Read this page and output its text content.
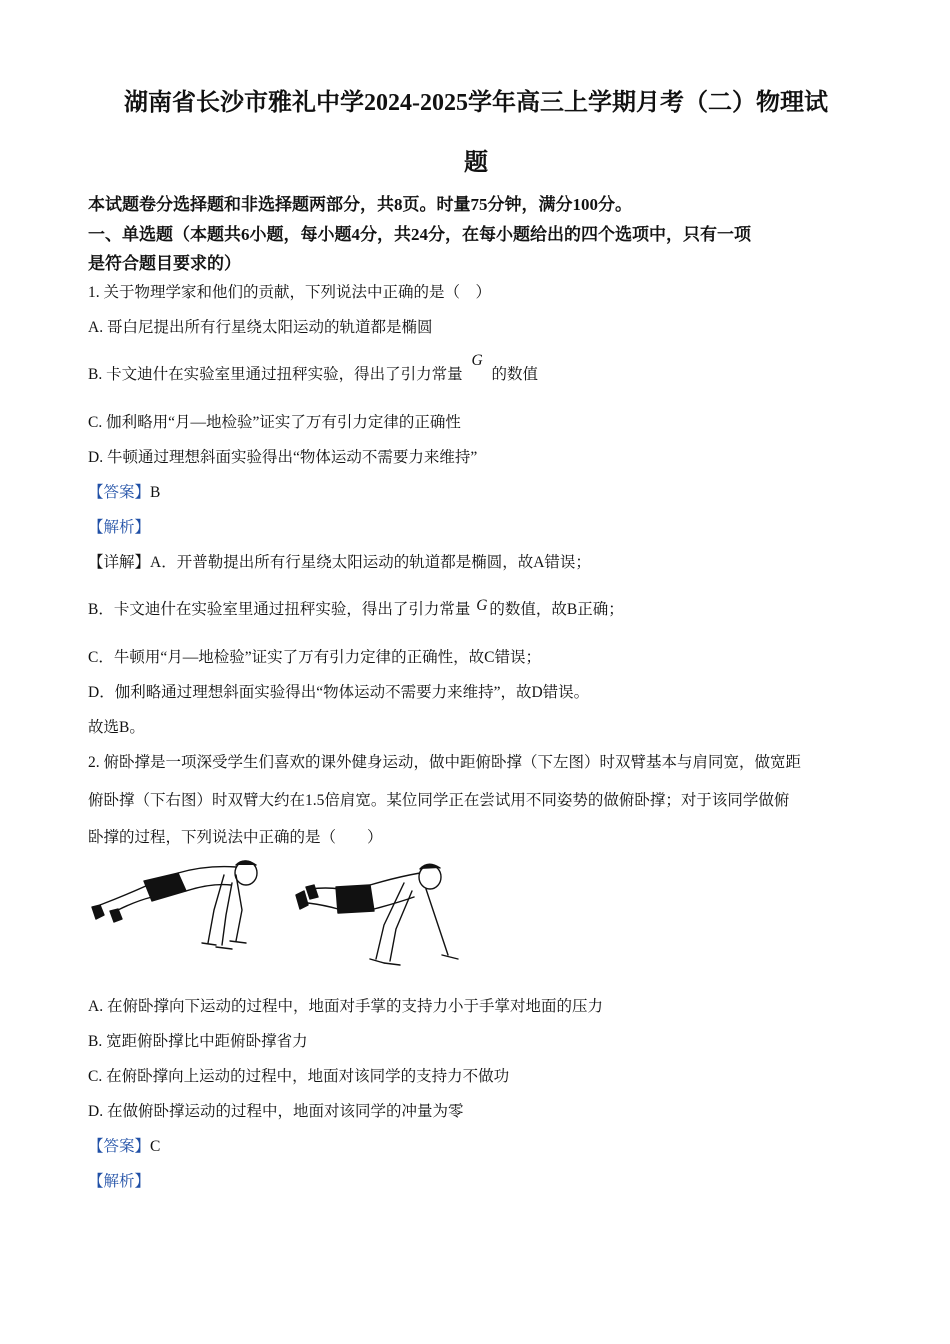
湖南省长沙市雅礼中学2024-2025学年高三上学期月考（二）物理试
题
本试题卷分选择题和非选择题两部分，共8页。时量75分钟，满分100分。
一、单选题（本题共6小题，每小题4分，共24分，在每小题给出的四个选项中，只有一项
是符合题目要求的）
1. 关于物理学家和他们的贡献，下列说法中正确的是（　）
A. 哥白尼提出所有行星绕太阳运动的轨道都是椭圆
B. 卡文迪什在实验室里通过扭秤实验，得出了引力常量 G 的数值
C. 伽利略用“月—地检验”证实了万有引力定律的正确性
D. 牛顿通过理想斜面实验得出“物体运动不需要力来维持”
【答案】B
【解析】
【详解】A．开普勒提出所有行星绕太阳运动的轨道都是椭圆，故A错误；
B．卡文迪什在实验室里通过扭秤实验，得出了引力常量 G 的数值，故B正确；
C．牛顿用“月—地检验”证实了万有引力定律的正确性，故C错误；
D．伽利略通过理想斜面实验得出“物体运动不需要力来维持”，故D错误。
故选B。
2. 俯卧撑是一项深受学生们喜欢的课外健身运动，做中距俯卧撑（下左图）时双臂基本与肩同宽，做宽距
俯卧撑（下右图）时双臂大约在1.5倍肩宽。某位同学正在尝试用不同姿势的做俯卧撑；对于该同学做俯
卧撑的过程，下列说法中正确的是（　　）
A. 在俯卧撑向下运动的过程中，地面对手掌的支持力小于手掌对地面的压力
B. 宽距俯卧撑比中距俯卧撑省力
C. 在俯卧撑向上运动的过程中，地面对该同学的支持力不做功
D. 在做俯卧撑运动的过程中，地面对该同学的冲量为零
【答案】C
【解析】
